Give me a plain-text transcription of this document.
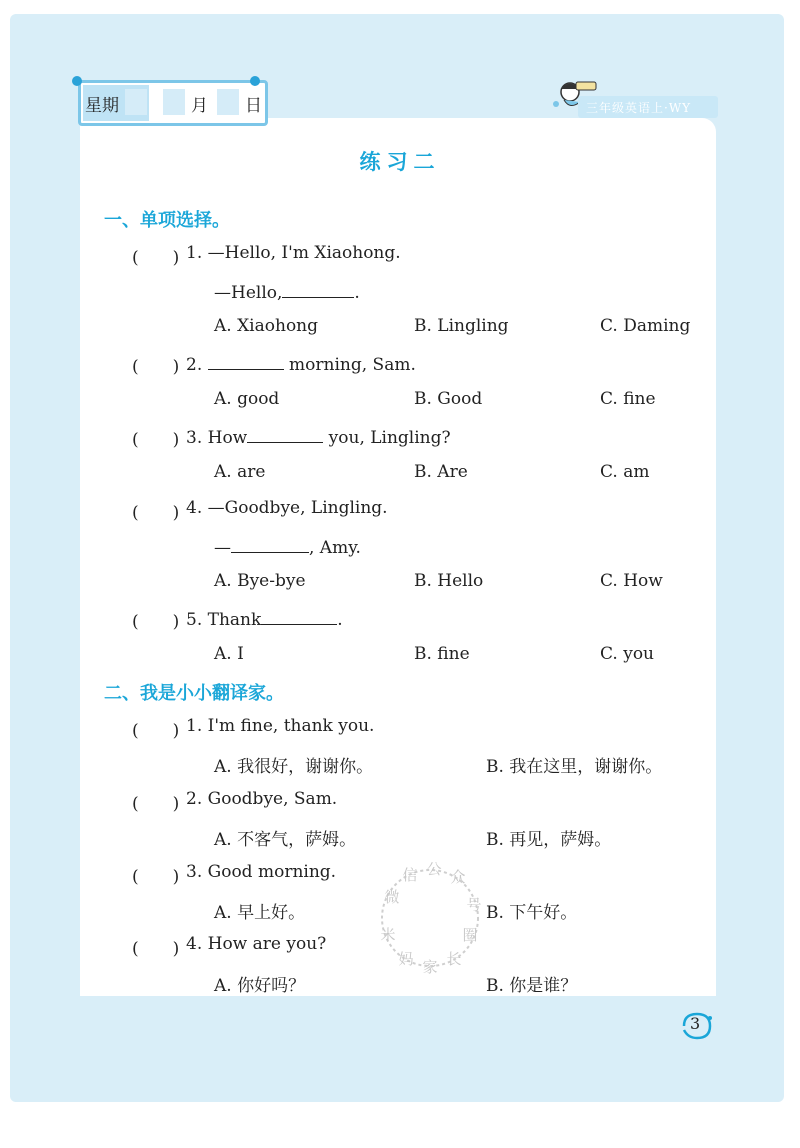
星期	月 日	三年级英语上·WY
练习二
一、单项选择。
(　　) 1. —Hello, I'm Xiaohong.
—Hello,	.
A. Xiaohong	B. Lingling	C. Daming
(　　) 2.	morning, Sam.
A. good	B. Good	C. fine
(　　) 3. How	you, Lingling?
A. are	B. Are	C. am
(　　) 4. —Goodbye, Lingling.
—	, Amy.
A. Bye-bye	B. Hello	C. How
(　　) 5. Thank	.
A. I	B. fine	C. you
二、我是小小翻译家。
(　　) 1. I'm fine, thank you.
A. 我很好，谢谢你。	B. 我在这里，谢谢你。
(　　) 2. Goodbye, Sam.
A. 不客气，萨姆。	B. 再见，萨姆。
(　　) 3. Good morning.
A. 早上好。	B. 下午好。
(　　) 4. How are you?
A. 你好吗？	B. 你是谁？
微
信 公 众
号
圈
长
家
妈
米
3
